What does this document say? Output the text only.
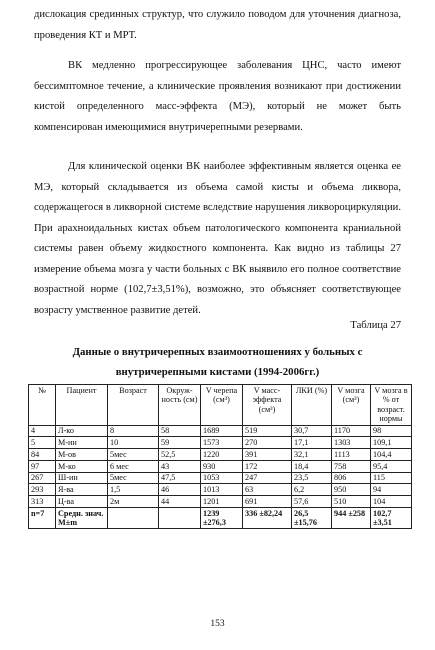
дислокация срединных структур, что служило поводом для уточнения диагноза, проведения КТ и МРТ.

ВК медленно прогрессирующее заболевания ЦНС, часто имеют бессимптомное течение, а клинические проявления возникают при достижении кистой определенного масс-эффекта (МЭ), который не может быть компенсирован имеющимися внутричерепными резервами.

Для клинической оценки ВК наиболее эффективным является оценка ее МЭ, который складывается из объема самой кисты и объема ликвора, содержащегося в ликворной системе вследствие нарушения ликвороциркуляции. При арахноидальных кистах объем патологического компонента краниальной системы равен объему жидкостного компонента. Как видно из таблицы 27 измерение объема мозга у части больных с ВК выявило его полное соответствие возрастной норме (102,7±3,51%), возможно, это объясняет соответствующее возрасту умственное развитие детей.

Таблица 27

Данные о внутричерепных взаимоотношениях у больных с внутричерепными кистами (1994-2006гг.)

№	Пациент	Возраст	Окруж-ность (см)	V черепа (см³)	V масс-эффекта (см³)	ЛКИ (%)	V мозга (см³)	V мозга в % от возраст. нормы
4	Л-ко	8	58	1689	519	30,7	1170	98
5	М-ин	10	59	1573	270	17,1	1303	109,1
84	М-ов	5мес	52,5	1220	391	32,1	1113	104,4
97	М-ко	6 мес	43	930	172	18,4	758	95,4
267	Ш-ин	5мес	47,5	1053	247	23,5	806	115
293	Я-ва	1,5	46	1013	63	6,2	950	94
313	Ц-ва	2м	44	1201	691	57,6	510	104
n=7	Средн. знач. M±m			1239 ±276,3	336 ±82,24	26,5 ±15,76	944 ±258	102,7 ±3,51

153
